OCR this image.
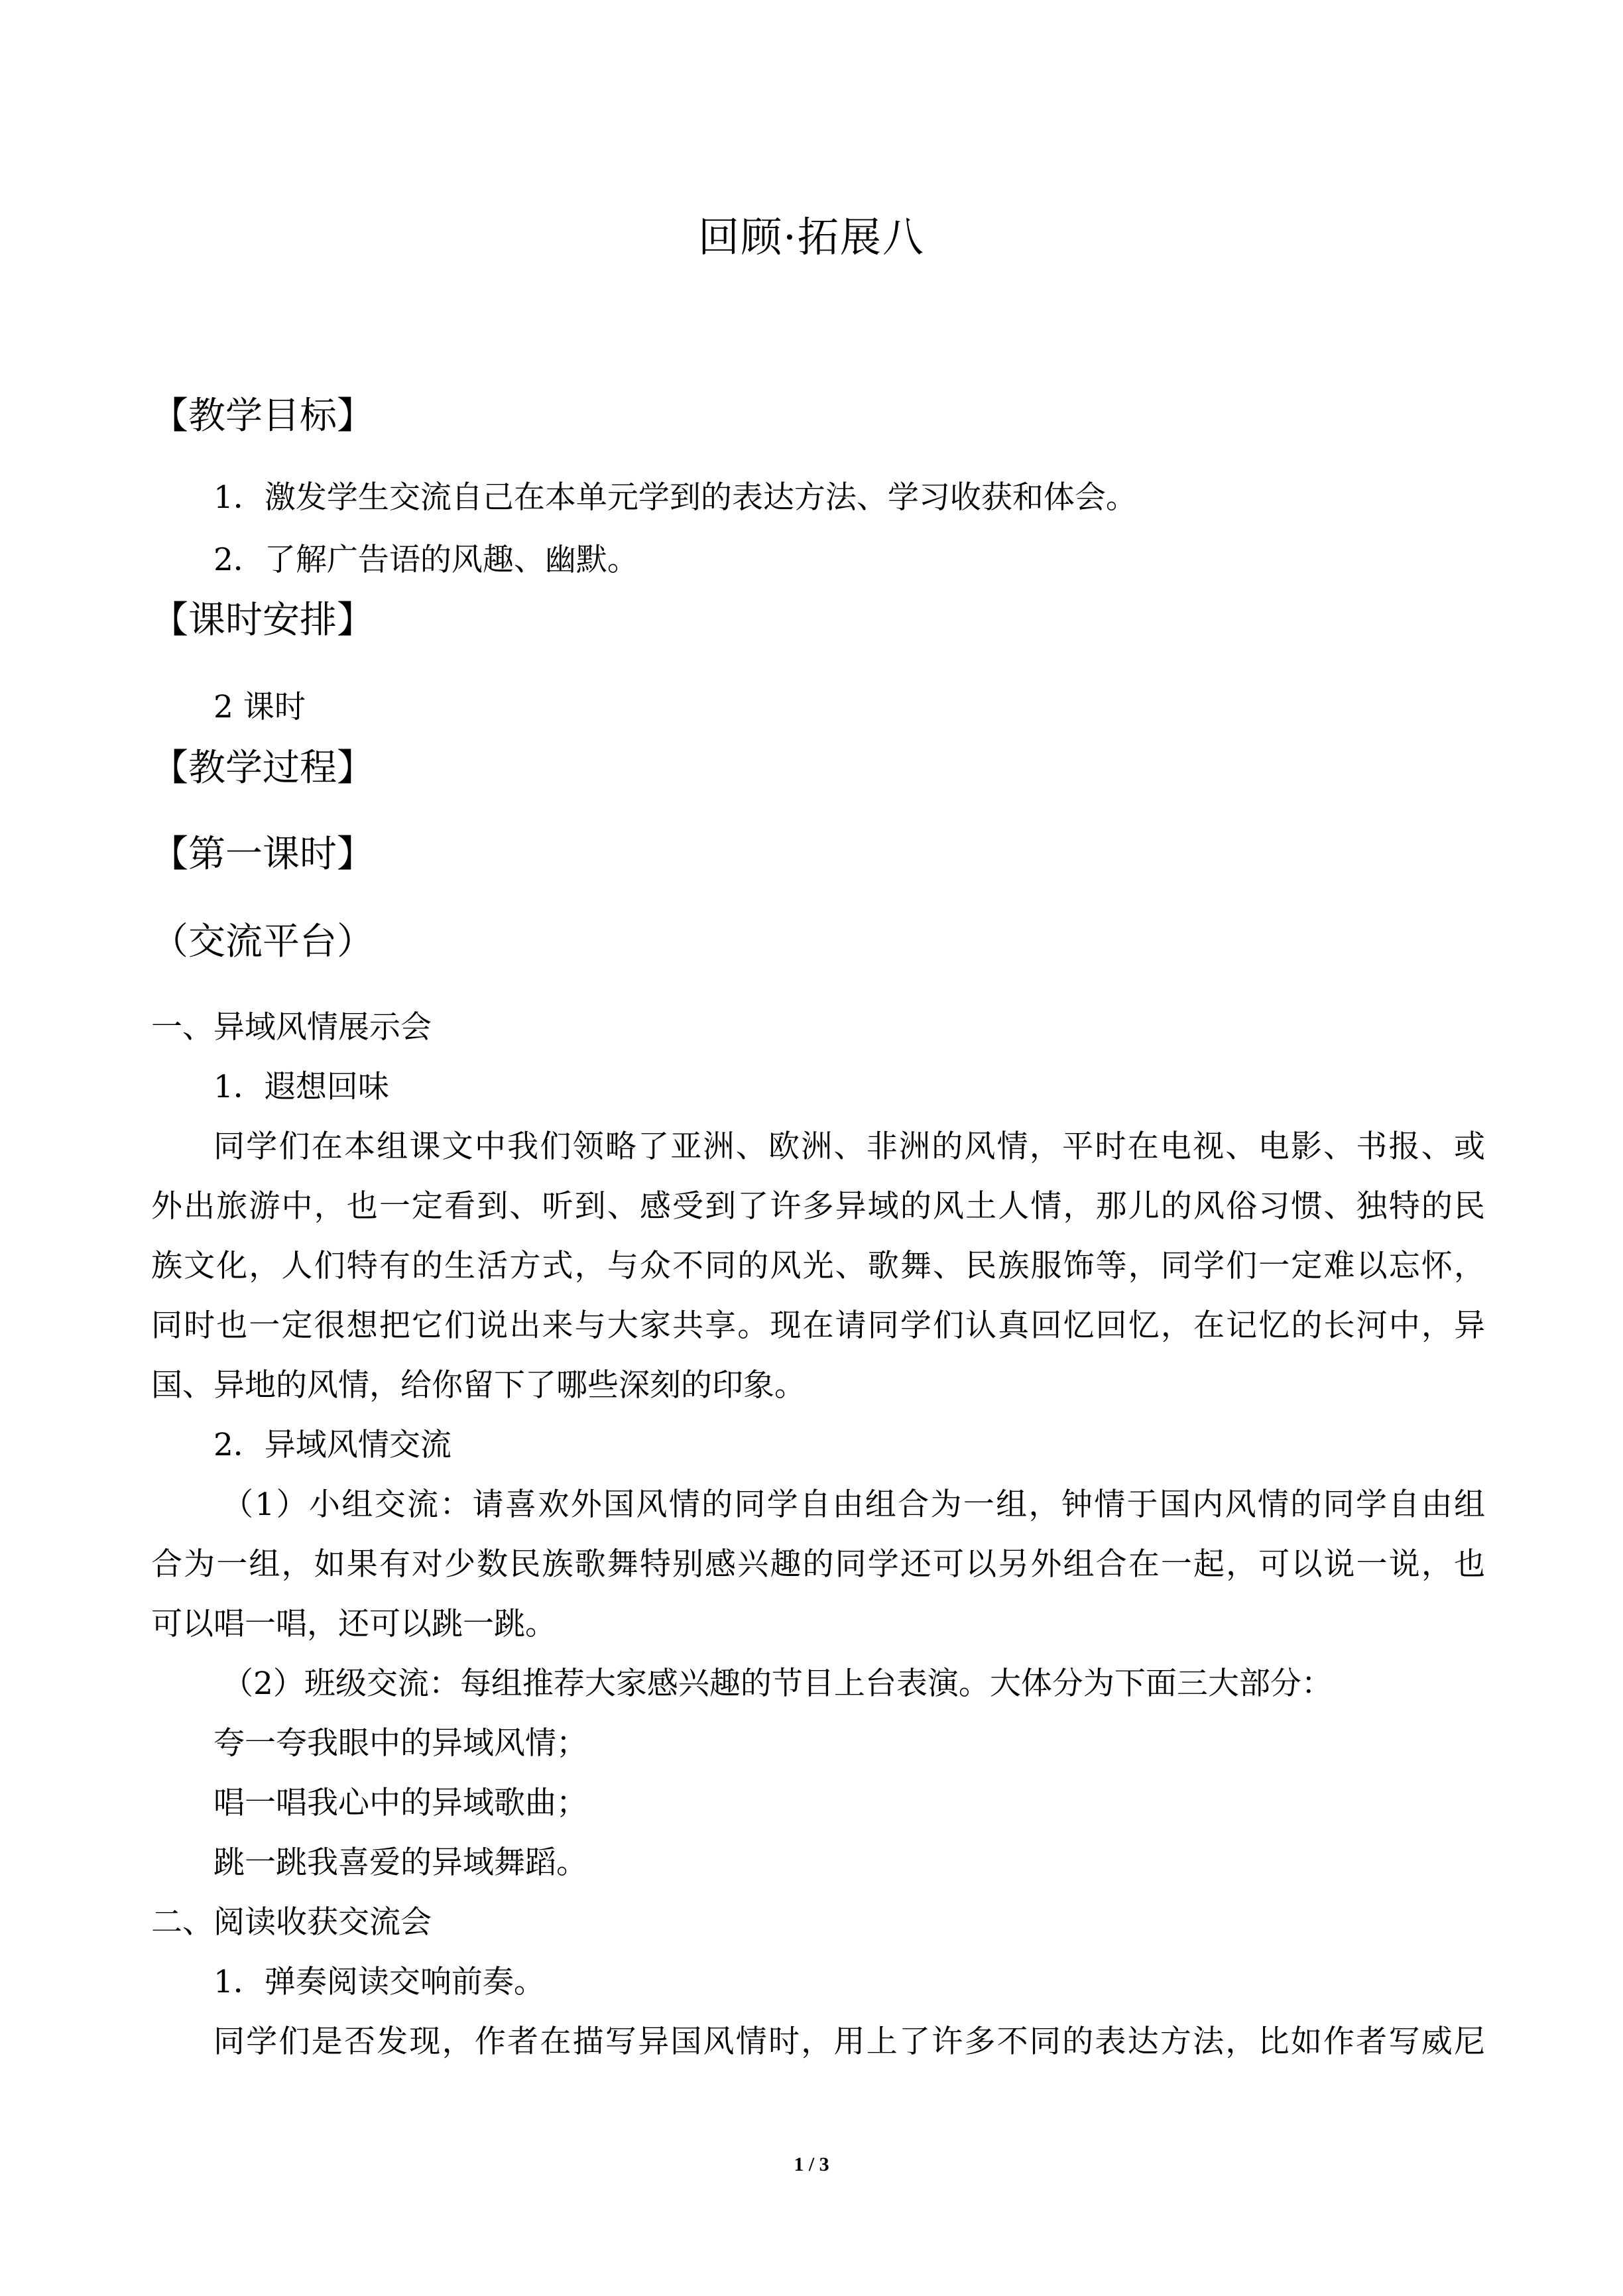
回顾·拓展八
【教学目标】
1．激发学生交流自己在本单元学到的表达方法、学习收获和体会。
2．了解广告语的风趣、幽默。
【课时安排】
2 课时
【教学过程】
【第一课时】
（交流平台）
一、异域风情展示会
1．遐想回味
同学们在本组课文中我们领略了亚洲、欧洲、非洲的风情，平时在电视、电影、书报、或
外出旅游中，也一定看到、听到、感受到了许多异域的风土人情，那儿的风俗习惯、独特的民
族文化，人们特有的生活方式，与众不同的风光、歌舞、民族服饰等，同学们一定难以忘怀，
同时也一定很想把它们说出来与大家共享。现在请同学们认真回忆回忆，在记忆的长河中，异
国、异地的风情，给你留下了哪些深刻的印象。
2．异域风情交流
（1）小组交流：请喜欢外国风情的同学自由组合为一组，钟情于国内风情的同学自由组
合为一组，如果有对少数民族歌舞特别感兴趣的同学还可以另外组合在一起，可以说一说，也
可以唱一唱，还可以跳一跳。
（2）班级交流：每组推荐大家感兴趣的节目上台表演。大体分为下面三大部分：
夸一夸我眼中的异域风情；
唱一唱我心中的异域歌曲；
跳一跳我喜爱的异域舞蹈。
二、阅读收获交流会
1．弹奏阅读交响前奏。
同学们是否发现，作者在描写异国风情时，用上了许多不同的表达方法，比如作者写威尼
1 / 3
